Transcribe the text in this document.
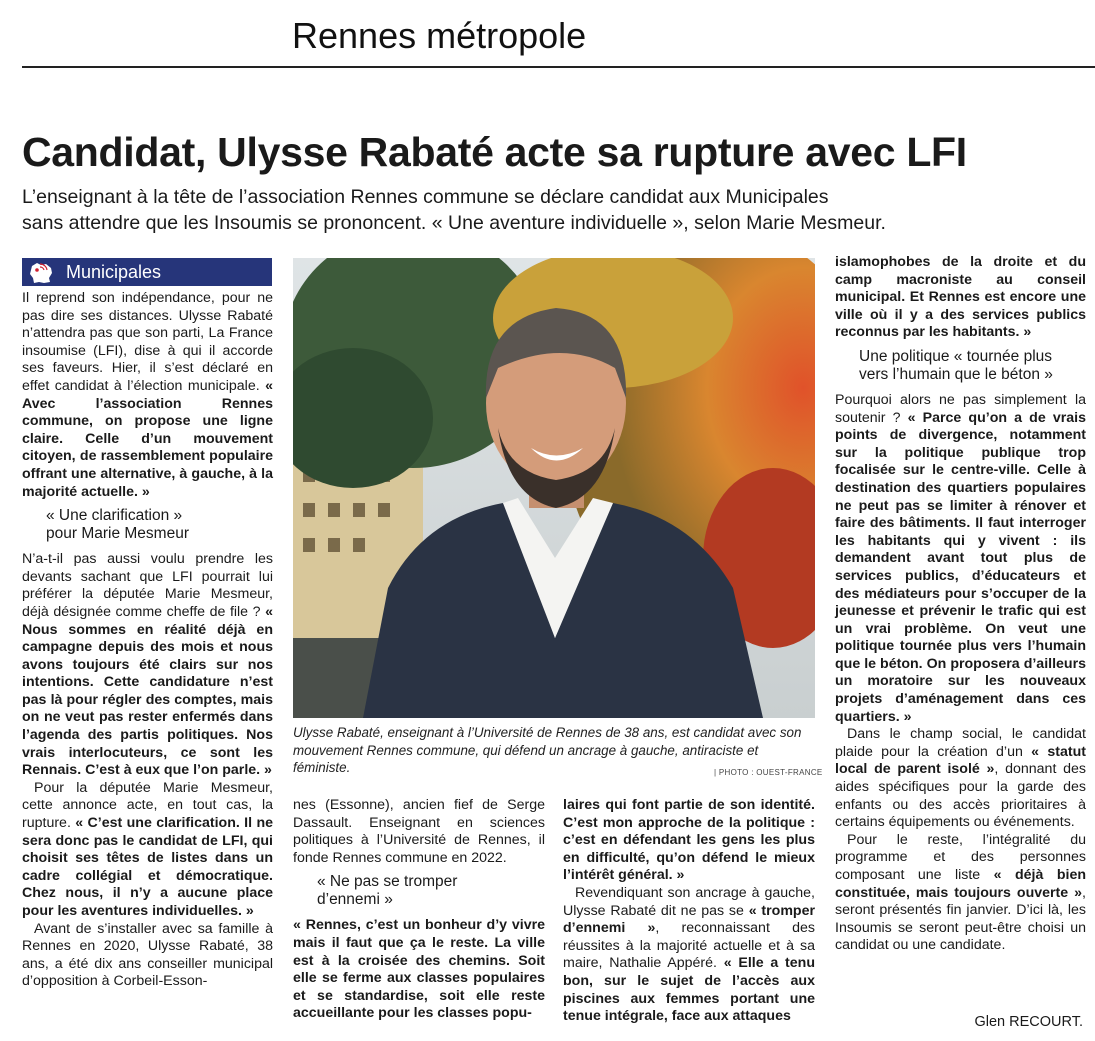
Rennes métropole
Candidat, Ulysse Rabaté acte sa rupture avec LFI
L’enseignant à la tête de l’association Rennes commune se déclare candidat aux Municipales
sans attendre que les Insoumis se prononcent. « Une aventure individuelle », selon Marie Mesmeur.
Municipales

Il reprend son indépendance, pour ne pas dire ses distances. Ulysse Rabaté n’attendra pas que son parti, La France insoumise (LFI), dise à qui il accorde ses faveurs. Hier, il s’est déclaré en effet candidat à l’élection municipale. « Avec l’association Rennes commune, on propose une ligne claire. Celle d’un mouvement citoyen, de rassemblement populaire offrant une alternative, à gauche, à la majorité actuelle. »

« Une clarification »
pour Marie Mesmeur

N’a-t-il pas aussi voulu prendre les devants sachant que LFI pourrait lui préférer la députée Marie Mesmeur, déjà désignée comme cheffe de file ? « Nous sommes en réalité déjà en campagne depuis des mois et nous avons toujours été clairs sur nos intentions. Cette candidature n’est pas là pour régler des comptes, mais on ne veut pas rester enfermés dans l’agenda des partis politiques. Nos vrais interlocuteurs, ce sont les Rennais. C’est à eux que l’on parle. »

Pour la députée Marie Mesmeur, cette annonce acte, en tout cas, la rupture. « C’est une clarification. Il ne sera donc pas le candidat de LFI, qui choisit ses têtes de listes dans un cadre collégial et démocratique. Chez nous, il n’y a aucune place pour les aventures individuelles. »

Avant de s’installer avec sa famille à Rennes en 2020, Ulysse Rabaté, 38 ans, a été dix ans conseiller municipal d’opposition à Corbeil-Esson-

Ulysse Rabaté, enseignant à l’Université de Rennes de 38 ans, est candidat avec son mouvement Rennes commune, qui défend un ancrage à gauche, antiraciste et féministe.	| PHOTO : OUEST-FRANCE

nes (Essonne), ancien fief de Serge Dassault. Enseignant en sciences politiques à l’Université de Rennes, il fonde Rennes commune en 2022.

« Ne pas se tromper
d’ennemi »

« Rennes, c’est un bonheur d’y vivre mais il faut que ça le reste. La ville est à la croisée des chemins. Soit elle se ferme aux classes populaires et se standardise, soit elle reste accueillante pour les classes popu-

laires qui font partie de son identité. C’est mon approche de la politique : c’est en défendant les gens les plus en difficulté, qu’on défend le mieux l’intérêt général. »

Revendiquant son ancrage à gauche, Ulysse Rabaté dit ne pas se « tromper d’ennemi », reconnaissant des réussites à la majorité actuelle et à sa maire, Nathalie Appéré. « Elle a tenu bon, sur le sujet de l’accès aux piscines aux femmes portant une tenue intégrale, face aux attaques

islamophobes de la droite et du camp macroniste au conseil municipal. Et Rennes est encore une ville où il y a des services publics reconnus par les habitants. »

Une politique « tournée plus
vers l’humain que le béton »

Pourquoi alors ne pas simplement la soutenir ? « Parce qu’on a de vrais points de divergence, notamment sur la politique publique trop focalisée sur le centre-ville. Celle à destination des quartiers populaires ne peut pas se limiter à rénover et faire des bâtiments. Il faut interroger les habitants qui y vivent : ils demandent avant tout plus de services publics, d’éducateurs et des médiateurs pour s’occuper de la jeunesse et prévenir le trafic qui est un vrai problème. On veut une politique tournée plus vers l’humain que le béton. On proposera d’ailleurs un moratoire sur les nouveaux projets d’aménagement dans ces quartiers. »

Dans le champ social, le candidat plaide pour la création d’un « statut local de parent isolé », donnant des aides spécifiques pour la garde des enfants ou des accès prioritaires à certains équipements ou événements.

Pour le reste, l’intégralité du programme et des personnes composant une liste « déjà bien constituée, mais toujours ouverte », seront présentés fin janvier. D’ici là, les Insoumis se seront peut-être choisi un candidat ou une candidate.

Glen RECOURT.
